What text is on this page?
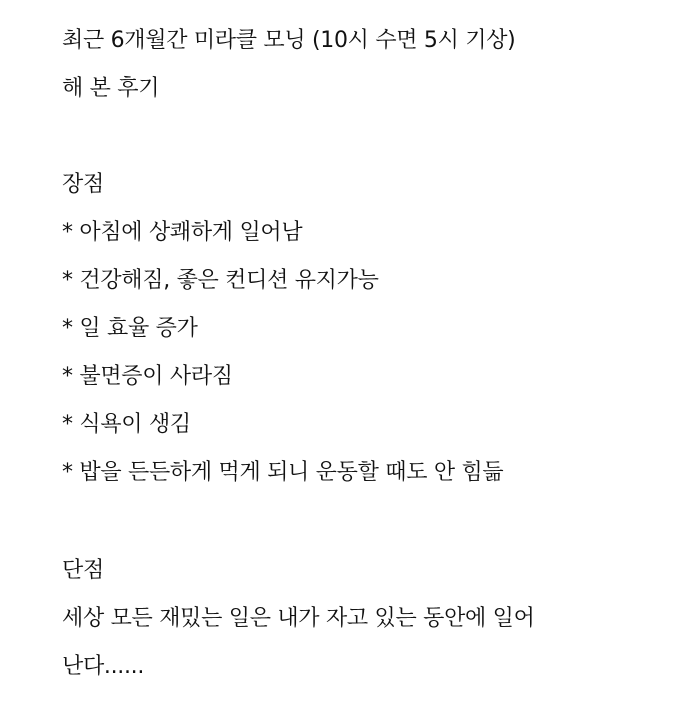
최근 6개월간 미라클 모닝 (10시 수면 5시 기상)
해 본 후기
장점
* 아침에 상쾌하게 일어남
* 건강해짐, 좋은 컨디션 유지가능
* 일 효율 증가
* 불면증이 사라짐
* 식욕이 생김
* 밥을 든든하게 먹게 되니 운동할 때도 안 힘듦
단점
세상 모든 재밌는 일은 내가 자고 있는 동안에 일어
난다......
